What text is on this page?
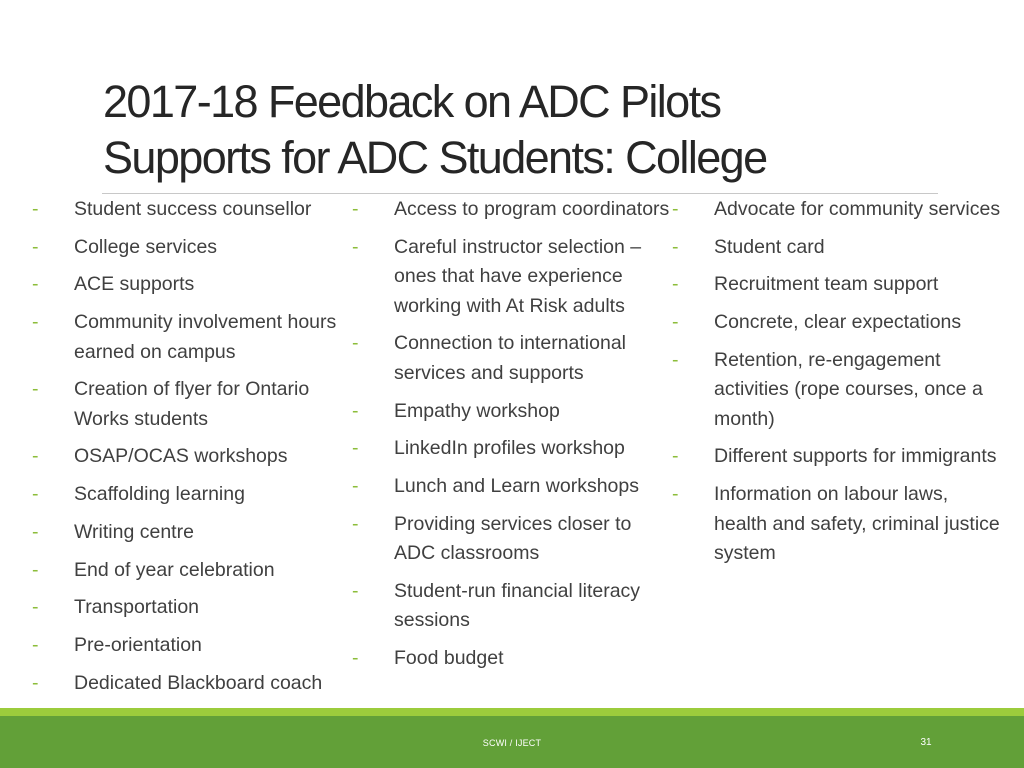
2017-18 Feedback on ADC Pilots
Supports for ADC Students: College
-	Student success counsellor
-	College services
-	ACE supports
-	Community involvement hours earned on campus
-	Creation of flyer for Ontario Works students
-	OSAP/OCAS workshops
-	Scaffolding learning
-	Writing centre
-	End of year celebration
-	Transportation
-	Pre-orientation
-	Dedicated Blackboard coach
-	Access to program coordinators
-	Careful instructor selection – ones that have experience working with At Risk adults
-	Connection to international services and supports
-	Empathy workshop
-	LinkedIn profiles workshop
-	Lunch and Learn workshops
-	Providing services closer to ADC classrooms
-	Student-run financial literacy sessions
-	Food budget
-	Advocate for community services
-	Student card
-	Recruitment team support
-	Concrete, clear expectations
-	Retention, re-engagement activities (rope courses, once a month)
-	Different supports for immigrants
-	Information on labour laws, health and safety, criminal justice system
SCWI / IJECT	31
